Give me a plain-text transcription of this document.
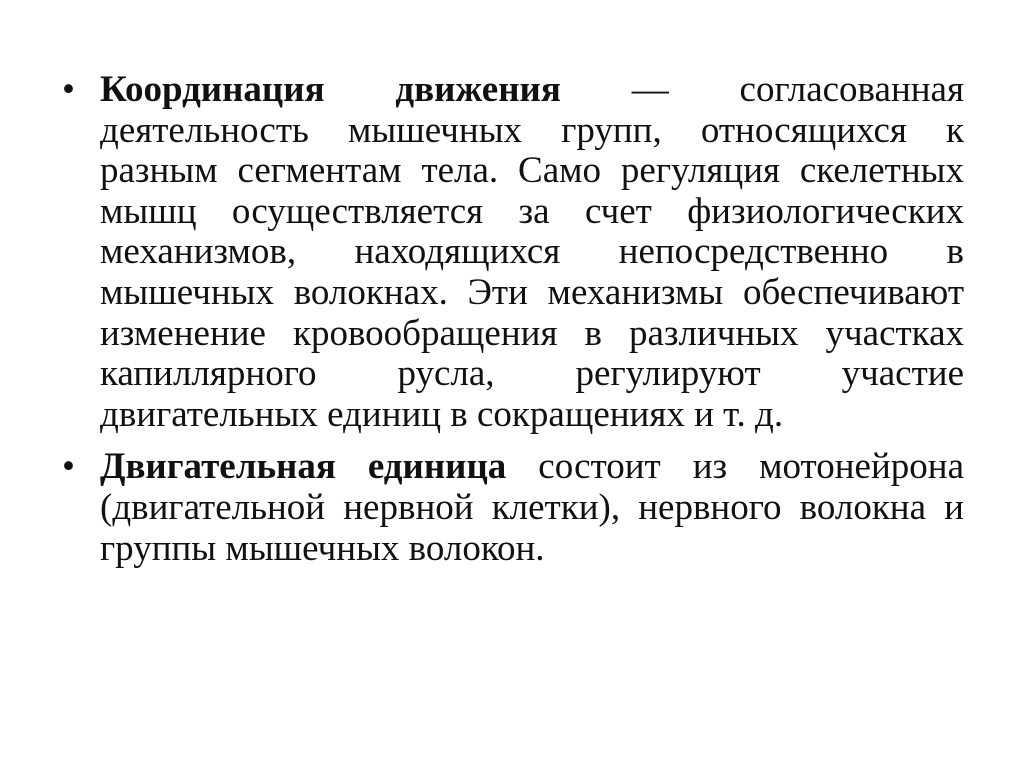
• Координация движения — согласованная деятельность мышечных групп, относящихся к разным сегментам тела. Само регуляция скелетных мышц осуществляется за счет физиологических механизмов, находящихся непосредственно в мышечных волокнах. Эти механизмы обеспечивают изменение кровообращения в различных участках капиллярного русла, регулируют участие двигательных единиц в сокращениях и т. д.
• Двигательная единица состоит из мотонейрона (двигательной нервной клетки), нервного волокна и группы мышечных волокон.
